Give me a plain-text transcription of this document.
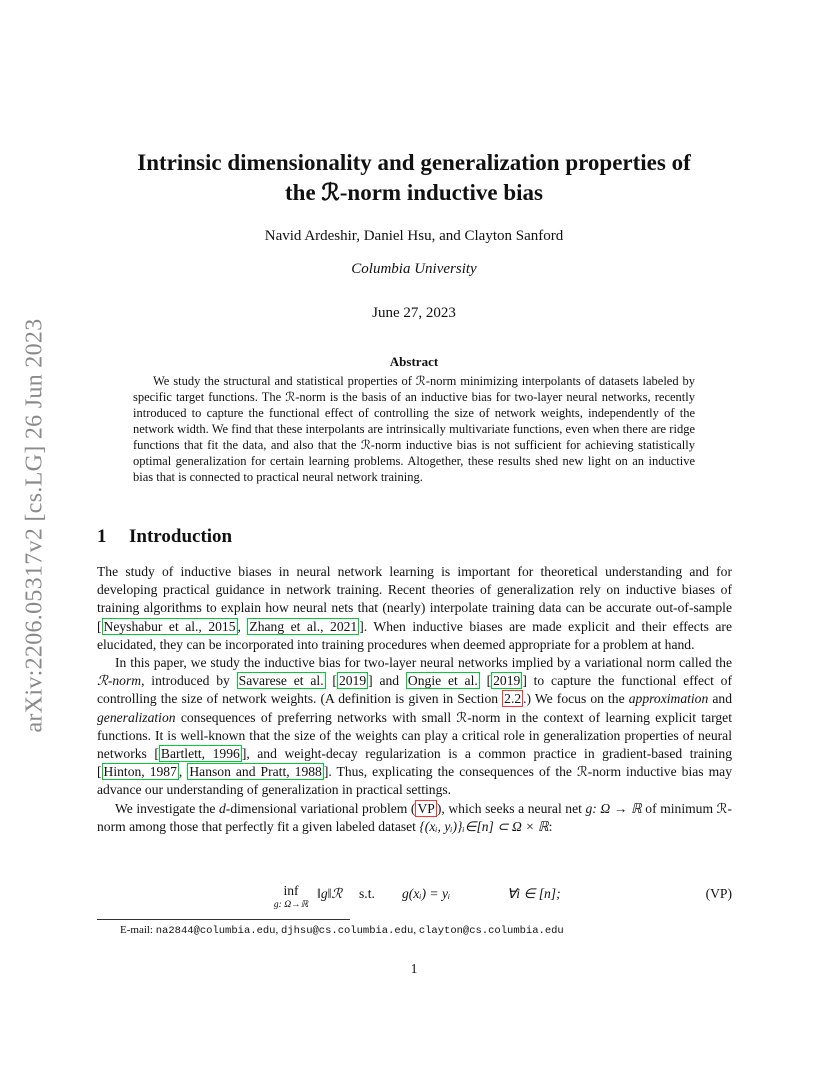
arXiv:2206.05317v2 [cs.LG] 26 Jun 2023
Intrinsic dimensionality and generalization properties of
the ℛ-norm inductive bias
Navid Ardeshir, Daniel Hsu, and Clayton Sanford
Columbia University
June 27, 2023
Abstract
We study the structural and statistical properties of ℛ-norm minimizing interpolants of datasets labeled by specific target functions. The ℛ-norm is the basis of an inductive bias for two-layer neural networks, recently introduced to capture the functional effect of controlling the size of network weights, independently of the network width. We find that these interpolants are intrinsically multivariate functions, even when there are ridge functions that fit the data, and also that the ℛ-norm inductive bias is not sufficient for achieving statistically optimal generalization for certain learning problems. Altogether, these results shed new light on an inductive bias that is connected to practical neural network training.
1 Introduction

The study of inductive biases in neural network learning is important for theoretical understanding and for developing practical guidance in network training. Recent theories of generalization rely on inductive biases of training algorithms to explain how neural nets that (nearly) interpolate training data can be accurate out-of-sample [ Neyshabur et al., 2015 , Zhang et al., 2021 ]. When inductive biases are made explicit and their effects are elucidated, they can be incorporated into training procedures when deemed appropriate for a problem at hand.

In this paper, we study the inductive bias for two-layer neural networks implied by a variational norm called the ℛ-norm, introduced by Savarese et al. [ 2019 ] and Ongie et al. [ 2019 ] to capture the functional effect of controlling the size of network weights. (A definition is given in Section 2.2 .) We focus on the approximation and generalization consequences of preferring networks with small ℛ-norm in the context of learning explicit target functions. It is well-known that the size of the weights can play a critical role in generalization properties of neural networks [ Bartlett, 1996 ], and weight-decay regularization is a common practice in gradient-based training [ Hinton, 1987 , Hanson and Pratt, 1988 ]. Thus, explicating the consequences of the ℛ-norm inductive bias may advance our understanding of generalization in practical settings.

We investigate the d-dimensional variational problem ( VP ), which seeks a neural net g: Ω → ℝ of minimum ℛ-norm among those that perfectly fit a given labeled dataset {(xᵢ, yᵢ)}ᵢ∈[n] ⊂ Ω × ℝ:

inf
g: Ω→ℝ
‖g‖ℛ s.t. g(xᵢ) = yᵢ	∀i ∈ [n];	(VP)
E-mail: na2844@columbia.edu, djhsu@cs.columbia.edu, clayton@cs.columbia.edu
1
